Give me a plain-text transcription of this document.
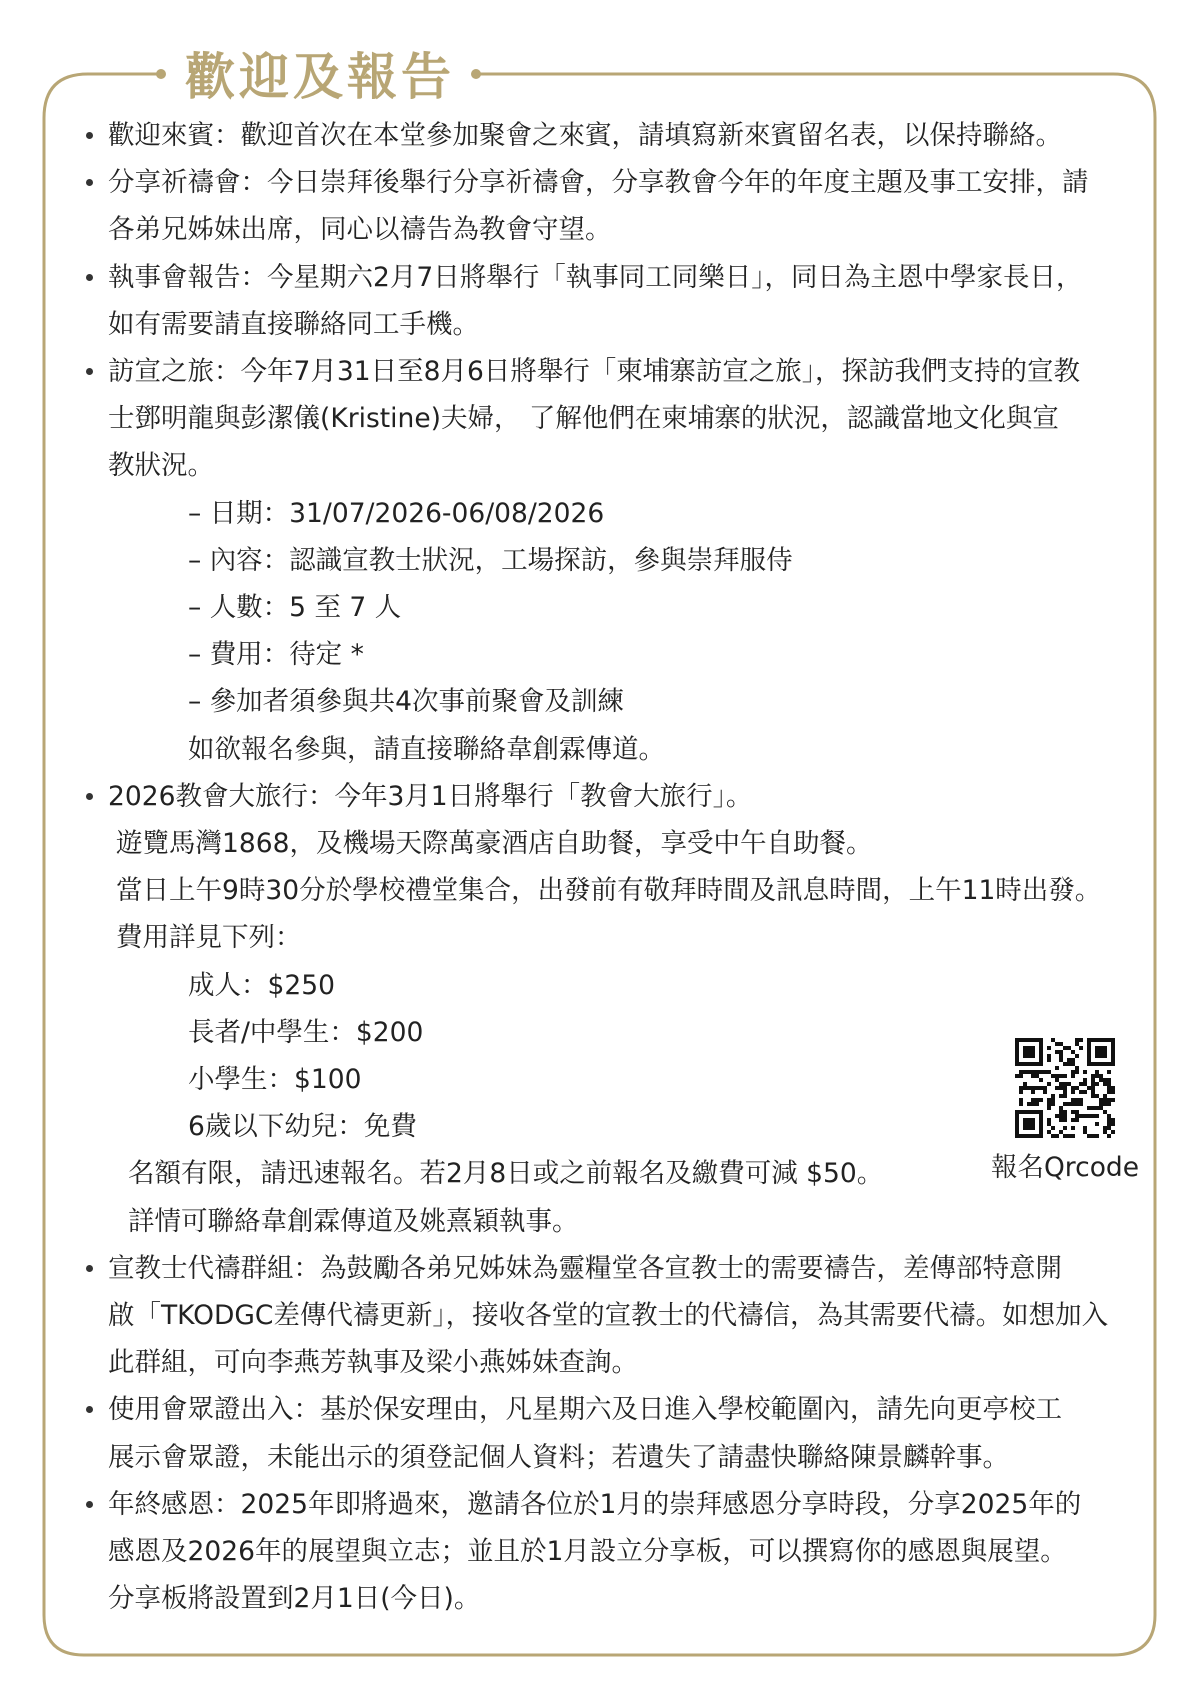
歡迎及報告
歡迎來賓：歡迎首次在本堂參加聚會之來賓，請填寫新來賓留名表，以保持聯絡。
分享祈禱會：今日崇拜後舉行分享祈禱會，分享教會今年的年度主題及事工安排，請
各弟兄姊妹出席，同心以禱告為教會守望。
執事會報告：今星期六2月7日將舉行「執事同工同樂日」，同日為主恩中學家長日，
如有需要請直接聯絡同工手機。
訪宣之旅：今年7月31日至8月6日將舉行「柬埔寨訪宣之旅」，探訪我們支持的宣教
士鄧明龍與彭潔儀(Kristine)夫婦， 了解他們在柬埔寨的狀況，認識當地文化與宣
教狀況。
– 日期：31/07/2026-06/08/2026
– 內容：認識宣教士狀況，工場探訪，參與崇拜服侍
– 人數：5 至 7 人
– 費用：待定 *
– 參加者須參與共4次事前聚會及訓練
如欲報名參與，請直接聯絡韋創霖傳道。
2026教會大旅行：今年3月1日將舉行「教會大旅行」。
遊覽馬灣1868，及機場天際萬豪酒店自助餐，享受中午自助餐。
當日上午9時30分於學校禮堂集合，出發前有敬拜時間及訊息時間，上午11時出發。
費用詳見下列：
成人：$250
長者/中學生：$200
小學生：$100
6歲以下幼兒：免費
名額有限，請迅速報名。若2月8日或之前報名及繳費可減 $50。
詳情可聯絡韋創霖傳道及姚熹穎執事。
宣教士代禱群組：為鼓勵各弟兄姊妹為靈糧堂各宣教士的需要禱告，差傳部特意開
啟「TKODGC差傳代禱更新」，接收各堂的宣教士的代禱信，為其需要代禱。如想加入
此群組，可向李燕芳執事及梁小燕姊妹查詢。
使用會眾證出入：基於保安理由，凡星期六及日進入學校範圍內，請先向更亭校工
展示會眾證，未能出示的須登記個人資料；若遺失了請盡快聯絡陳景麟幹事。
年終感恩：2025年即將過來，邀請各位於1月的崇拜感恩分享時段，分享2025年的
感恩及2026年的展望與立志；並且於1月設立分享板，可以撰寫你的感恩與展望。
分享板將設置到2月1日(今日)。
報名Qrcode
